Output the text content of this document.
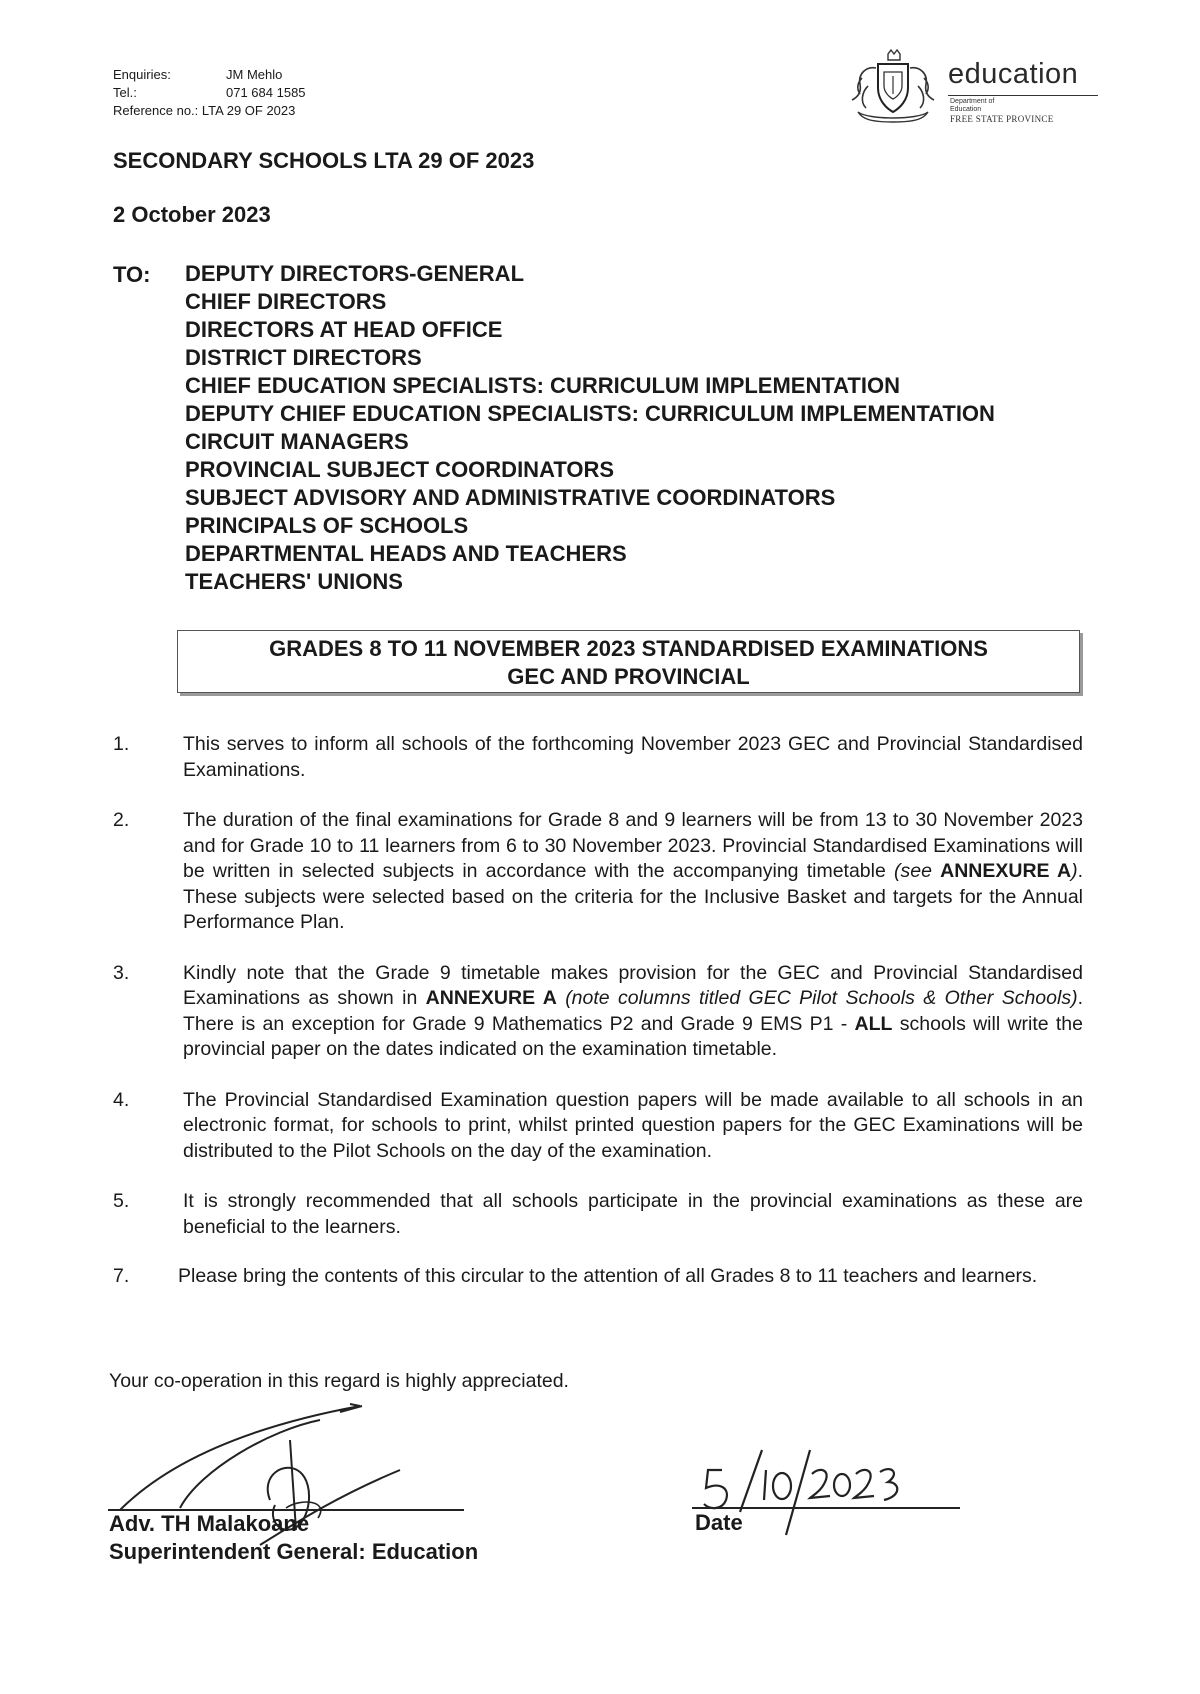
Enquiries:	JM Mehlo
Tel.:	071 684 1585
Reference no.:
LTA 29 OF 2023
education
Department of
Education
FREE STATE PROVINCE
SECONDARY SCHOOLS LTA 29 OF 2023
2 October 2023
TO: DEPUTY DIRECTORS-GENERAL
CHIEF DIRECTORS
DIRECTORS AT HEAD OFFICE
DISTRICT DIRECTORS
CHIEF EDUCATION SPECIALISTS: CURRICULUM IMPLEMENTATION
DEPUTY CHIEF EDUCATION SPECIALISTS: CURRICULUM IMPLEMENTATION
CIRCUIT MANAGERS
PROVINCIAL SUBJECT COORDINATORS
SUBJECT ADVISORY AND ADMINISTRATIVE COORDINATORS
PRINCIPALS OF SCHOOLS
DEPARTMENTAL HEADS AND TEACHERS
TEACHERS' UNIONS
GRADES 8 TO 11 NOVEMBER 2023 STANDARDISED EXAMINATIONS
GEC AND PROVINCIAL
1.	This serves to inform all schools of the forthcoming November 2023 GEC and Provincial Standardised Examinations.
2.	The duration of the final examinations for Grade 8 and 9 learners will be from 13 to 30 November 2023 and for Grade 10 to 11 learners from 6 to 30 November 2023. Provincial Standardised Examinations will be written in selected subjects in accordance with the accompanying timetable (see ANNEXURE A). These subjects were selected based on the criteria for the Inclusive Basket and targets for the Annual Performance Plan.
3.	Kindly note that the Grade 9 timetable makes provision for the GEC and Provincial Standardised Examinations as shown in ANNEXURE A (note columns titled GEC Pilot Schools & Other Schools). There is an exception for Grade 9 Mathematics P2 and Grade 9 EMS P1 - ALL schools will write the provincial paper on the dates indicated on the examination timetable.
4.	The Provincial Standardised Examination question papers will be made available to all schools in an electronic format, for schools to print, whilst printed question papers for the GEC Examinations will be distributed to the Pilot Schools on the day of the examination.
5.	It is strongly recommended that all schools participate in the provincial examinations as these are beneficial to the learners.
7.	Please bring the contents of this circular to the attention of all Grades 8 to 11 teachers and learners.
Your co-operation in this regard is highly appreciated.
Adv. TH Malakoane
Superintendent General: Education
Date
